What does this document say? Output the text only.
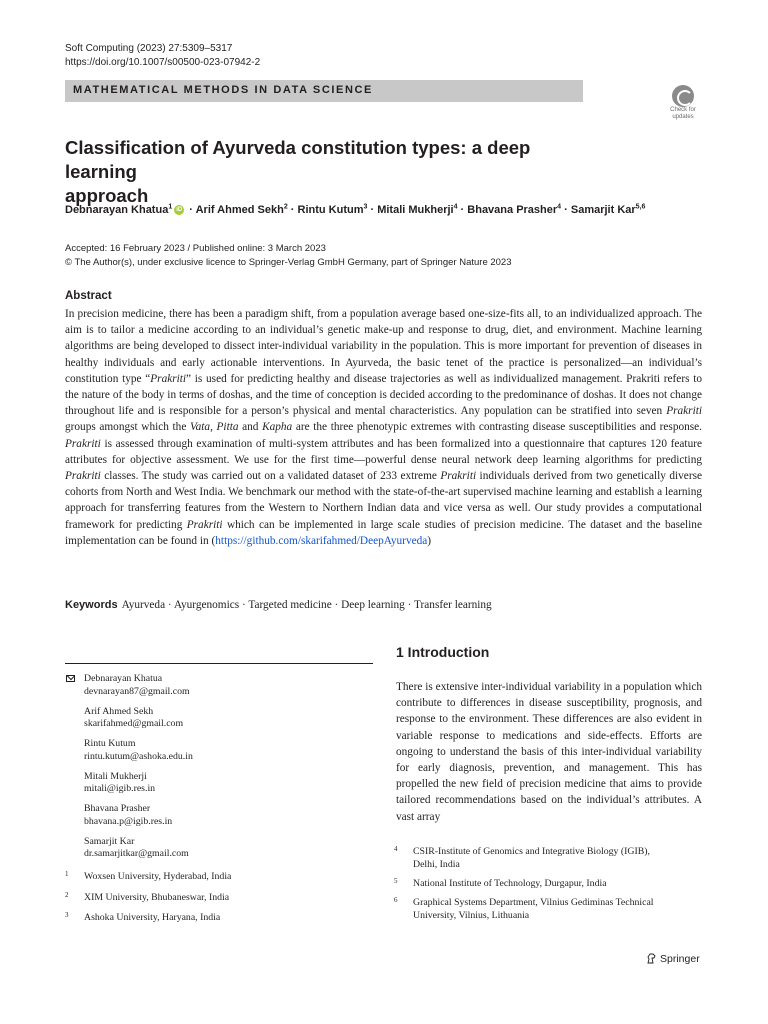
Soft Computing (2023) 27:5309–5317
https://doi.org/10.1007/s00500-023-07942-2
MATHEMATICAL METHODS IN DATA SCIENCE
Check for
updates
Classification of Ayurveda constitution types: a deep learning
approach
Debnarayan Khatua$^1$ iD · Arif Ahmed Sekh$^2$ · Rintu Kutum$^3$ · Mitali Mukherji$^4$ · Bhavana Prasher$^4$ · Samarjit Kar$^{5,6}$
Accepted: 16 February 2023 / Published online: 3 March 2023
© The Author(s), under exclusive licence to Springer-Verlag GmbH Germany, part of Springer Nature 2023
Abstract
In precision medicine, there has been a paradigm shift, from a population average based one-size-fits all, to an individualized approach. The aim is to tailor a medicine according to an individual’s genetic make-up and response to drug, diet, and environment. Machine learning algorithms are being developed to dissect inter-individual variability in the population. This is more important for prevention of diseases in healthy individuals and early actionable interventions. In Ayurveda, the basic tenet of the practice is personalized—an individual’s constitution type “Prakriti” is used for predicting healthy and disease trajectories as well as individualized management. Prakriti refers to the nature of the body in terms of doshas, and the time of conception is decided according to the predominance of doshas. It does not change throughout life and is responsible for a person’s physical and mental characteristics. Any population can be stratified into seven Prakriti groups amongst which the Vata, Pitta and Kapha are the three phenotypic extremes with contrasting disease susceptibilities and response. Prakriti is assessed through examination of multi-system attributes and has been formalized into a questionnaire that captures 120 feature attributes for objective assessment. We use for the first time—powerful dense neural network deep learning algorithms for predicting Prakriti classes. The study was carried out on a validated dataset of 233 extreme Prakriti individuals derived from two genetically diverse cohorts from North and West India. We benchmark our method with the state-of-the-art supervised machine learning and establish a learning approach for transferring features from the Western to Northern Indian data and vice versa as well. Our study provides a computational framework for predicting Prakriti which can be implemented in large scale studies of precision medicine. The dataset and the baseline implementation can be found in (https://github.com/skarifahmed/DeepAyurveda)
Keywords Ayurveda · Ayurgenomics · Targeted medicine · Deep learning · Transfer learning
Debnarayan Khatua
devnarayan87@gmail.com
Arif Ahmed Sekh
skarifahmed@gmail.com
Rintu Kutum
rintu.kutum@ashoka.edu.in
Mitali Mukherji
mitali@igib.res.in
Bhavana Prasher
bhavana.p@igib.res.in
Samarjit Kar
dr.samarjitkar@gmail.com
1 Woxsen University, Hyderabad, India
2 XIM University, Bhubaneswar, India
3 Ashoka University, Haryana, India
1 Introduction
There is extensive inter-individual variability in a population which contribute to differences in disease susceptibility, prognosis, and response to the environment. These differences are also evident in variable response to medications and side-effects. Efforts are ongoing to understand the basis of this inter-individual variability for early diagnosis, prevention, and management. This has propelled the new field of precision medicine that aims to provide tailored recommendations based on the individual’s attributes. A vast array
4 CSIR-Institute of Genomics and Integrative Biology (IGIB),
Delhi, India
5 National Institute of Technology, Durgapur, India
6 Graphical Systems Department, Vilnius Gediminas Technical
University, Vilnius, Lithuania
Springer
